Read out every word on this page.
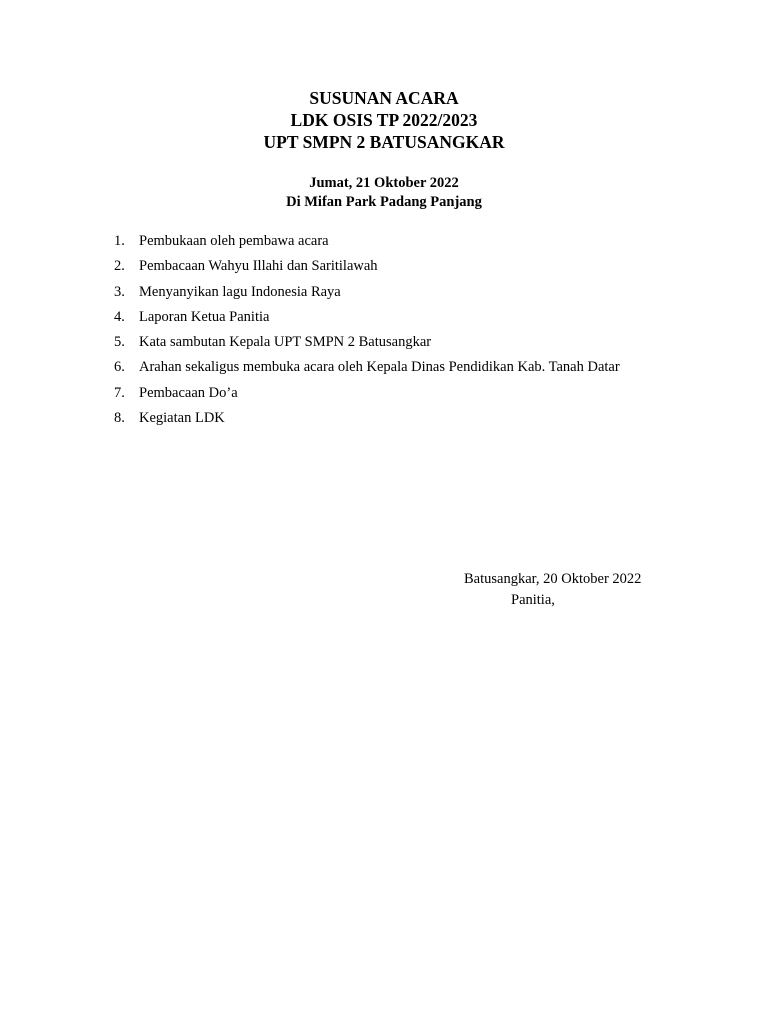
SUSUNAN ACARA
LDK OSIS TP 2022/2023
UPT SMPN 2 BATUSANGKAR
Jumat, 21 Oktober 2022
Di Mifan Park Padang Panjang
1. Pembukaan oleh pembawa acara
2. Pembacaan Wahyu Illahi dan Saritilawah
3. Menyanyikan lagu Indonesia Raya
4. Laporan Ketua Panitia
5. Kata sambutan Kepala UPT SMPN 2 Batusangkar
6. Arahan sekaligus membuka acara oleh Kepala Dinas Pendidikan Kab. Tanah Datar
7. Pembacaan Do’a
8. Kegiatan LDK
Batusangkar, 20 Oktober 2022
Panitia,
